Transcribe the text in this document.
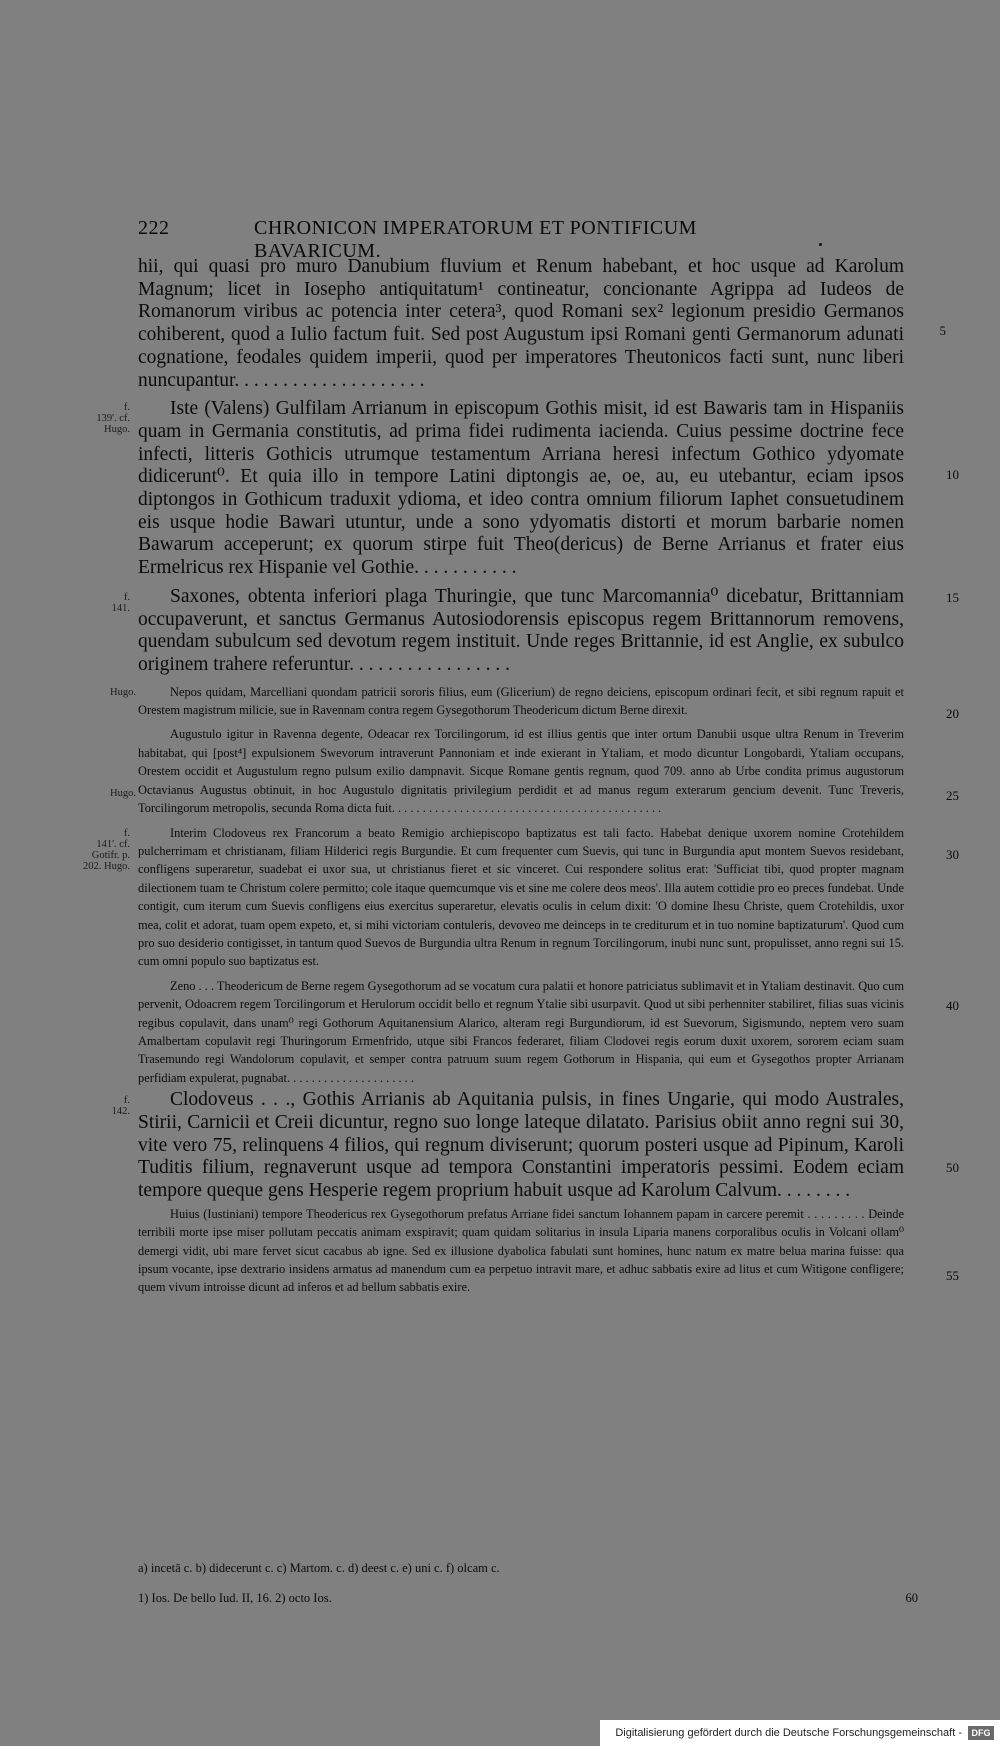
222	CHRONICON IMPERATORUM ET PONTIFICUM BAVARICUM.
5
hii, qui quasi pro muro Danubium fluvium et Renum habebant, et hoc usque ad Karolum Magnum; licet in Iosepho antiquitatum¹ contineatur, concionante Agrippa ad Iudeos de Romanorum viribus ac potencia inter cetera³, quod Romani sex² legionum presidio Germanos cohiberent, quod a Iulio factum fuit. Sed post Augustum ipsi Romani genti Germanorum adunati cognatione, feodales quidem imperii, quod per imperatores Theutonicos facti sunt, nunc liberi nuncupantur. . . . . . . . . . . . . . . . . . . .
f. 139'. cf. Hugo.
10
Iste (Valens) Gulfilam Arrianum in episcopum Gothis misit, id est Bawaris tam in Hispaniis quam in Germania constitutis, ad prima fidei rudimenta iacienda. Cuius pessime doctrine fece infecti, litteris Gothicis utrumque testamentum Arriana heresi infectum Gothico ydyomate didicerunt⁰. Et quia illo in tempore Latini diptongis ae, oe, au, eu utebantur, eciam ipsos diptongos in Gothicum traduxit ydioma, et ideo contra omnium filiorum Iaphet consuetudinem eis usque hodie Bawari utuntur, unde a sono ydyomatis distorti et morum barbarie nomen Bawarum acceperunt; ex quorum stirpe fuit Theo(dericus) de Berne Arrianus et frater eius Ermelricus rex Hispanie vel Gothie. . . . . . . . . . .
f. 141.
15
Saxones, obtenta inferiori plaga Thuringie, que tunc Marcomannia⁰ dicebatur, Brittanniam occupaverunt, et sanctus Germanus Autosiodorensis episcopus regem Brittannorum removens, quendam subulcum sed devotum regem instituit. Unde reges Brittannie, id est Anglie, ex subulco originem trahere referuntur. . . . . . . . . . . . . . . . .
Hugo.
20
Nepos quidam, Marcelliani quondam patricii sororis filius, eum (Glicerium) de regno deiciens, episcopum ordinari fecit, et sibi regnum rapuit et Orestem magistrum milicie, sue in Ravennam contra regem Gysegothorum Theodericum dictum Berne direxit.
Hugo.	25
Augustulo igitur in Ravenna degente, Odeacar rex Torcilingorum, id est illius gentis que inter ortum Danubii usque ultra Renum in Treverim habitabat, qui [post⁴] expulsionem Swevorum intraverunt Pannoniam et inde exierant in Ytaliam, et modo dicuntur Longobardi, Ytaliam occupans, Orestem occidit et Augustulum regno pulsum exilio dampnavit. Sicque Romane gentis regnum, quod 709. anno ab Urbe condita primus augustorum Octavianus Augustus obtinuit, in hoc Augustulo dignitatis privilegium perdidit et ad manus regum exterarum gencium devenit. Tunc Treveris, Torcilingorum metropolis, secunda Roma dicta fuit. . . . . . . . . . . . . . . . . . . . . . . . . . . . . . . . . . . . . . . . . . . .
f. 141'. cf. Gotifr. p. 202. Hugo.
30
Interim Clodoveus rex Francorum a beato Remigio archiepiscopo baptizatus est tali facto. Habebat denique uxorem nomine Crotehildem pulcherrimam et christianam, filiam Hilderici regis Burgundie. Et cum frequenter cum Suevis, qui tunc in Burgundia aput montem Suevos residebant, confligens superaretur, suadebat ei uxor sua, ut christianus fieret et sic vinceret. Cui respondere solitus erat: 'Sufficiat tibi, quod propter magnam dilectionem tuam te Christum colere permitto; cole itaque quemcumque vis et sine me colere deos meos'. Illa autem cottidie pro eo preces fundebat. Unde contigit, cum iterum cum Suevis confligens eius exercitus superaretur, elevatis oculis in celum dixit: 'O domine Ihesu Christe, quem Crotehildis, uxor mea, colit et adorat, tuam opem expeto, et, si mihi victoriam contuleris, devoveo me deinceps in te crediturum et in tuo nomine baptizaturum'. Quod cum pro suo desiderio contigisset, in tantum quod Suevos de Burgundia ultra Renum in regnum Torcilingorum, inubi nunc sunt, propulisset, anno regni sui 15. cum omni populo suo baptizatus est.
40
Zeno . . . Theodericum de Berne regem Gysegothorum ad se vocatum cura palatii et honore patriciatus sublimavit et in Ytaliam destinavit. Quo cum pervenit, Odoacrem regem Torcilingorum et Herulorum occidit bello et regnum Ytalie sibi usurpavit. Quod ut sibi perhenniter stabiliret, filias suas vicinis regibus copulavit, dans unam⁰ regi Gothorum Aquitanensium Alarico, alteram regi Burgundiorum, id est Suevorum, Sigismundo, neptem vero suam Amalbertam copulavit regi Thuringorum Ermenfrido, utque sibi Francos federaret, filiam Clodovei regis eorum duxit uxorem, sororem eciam suam Trasemundo regi Wandolorum copulavit, et semper contra patruum suum regem Gothorum in Hispania, qui eum et Gysegothos propter Arrianam perfidiam expulerat, pugnabat. . . . . . . . . . . . . . . . . . . . .
f. 142.
50
Clodoveus . . ., Gothis Arrianis ab Aquitania pulsis, in fines Ungarie, qui modo Australes, Stirii, Carnicii et Creii dicuntur, regno suo longe lateque dilatato. Parisius obiit anno regni sui 30, vite vero 75, relinquens 4 filios, qui regnum diviserunt; quorum posteri usque ad Pipinum, Karoli Tuditis filium, regnaverunt usque ad tempora Constantini imperatoris pessimi. Eodem eciam tempore queque gens Hesperie regem proprium habuit usque ad Karolum Calvum. . . . . . . .
55
Huius (Iustiniani) tempore Theodericus rex Gysegothorum prefatus Arriane fidei sanctum Iohannem papam in carcere peremit . . . . . . . . . Deinde terribili morte ipse miser pollutam peccatis animam exspiravit; quam quidam solitarius in insula Liparia manens corporalibus oculis in Volcani ollam⁰ demergi vidit, ubi mare fervet sicut cacabus ab igne. Sed ex illusione dyabolica fabulati sunt homines, hunc natum ex matre belua marina fuisse: qua ipsum vocante, ipse dextrario insidens armatus ad manendum cum ea perpetuo intravit mare, et adhuc sabbatis exire ad litus et cum Witigone confligere; quem vivum introisse dicunt ad inferos et ad bellum sabbatis exire.
a) incetā c. b) didecerunt c. c) Martom. c. d) deest c. e) uni c. f) olcam c.
1) Ios. De bello Iud. II, 16. 2) octo Ios.	60
Digitalisierung gefördert durch die Deutsche Forschungsgemeinschaft -	DFG
